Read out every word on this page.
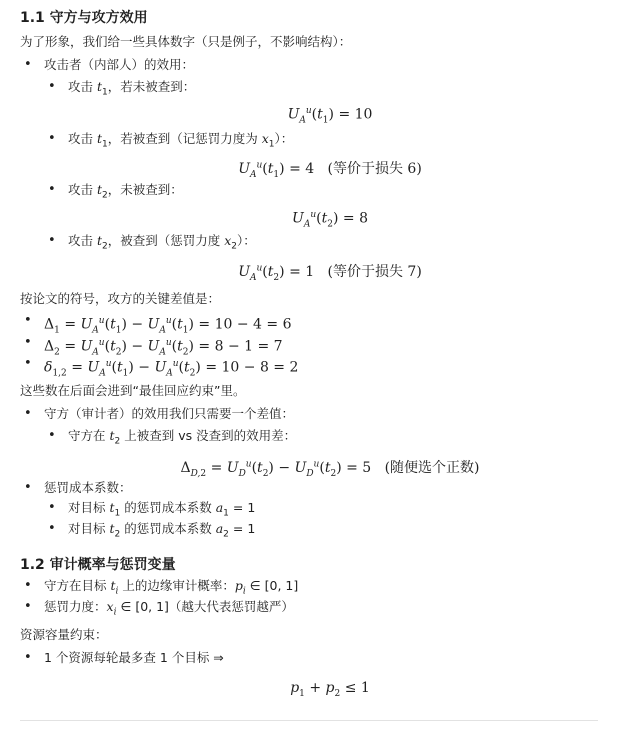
1.1 守方与攻方效用
为了形象，我们给一些具体数字（只是例子，不影响结构）：
• 攻击者（内部人）的效用：
• 攻击 $t_1$，若未被查到：
$U_A^u(t_1) = 10$
• 攻击 $t_1$，若被查到（记惩罚力度为 $x_1$）：
$U_A^u(t_1) = 4$ (等价于损失 6)
• 攻击 $t_2$，未被查到：
$U_A^u(t_2) = 8$
• 攻击 $t_2$，被查到（惩罚力度 $x_2$）：
$U_A^u(t_2) = 1$ (等价于损失 7)
按论文的符号，攻方的关键差值是：
• $\Delta_1 = U_A^u(t_1) - U_A^u(t_1) = 10 - 4 = 6$
• $\Delta_2 = U_A^u(t_2) - U_A^u(t_2) = 8 - 1 = 7$
• $\delta_{1,2} = U_A^u(t_1) - U_A^u(t_2) = 10 - 8 = 2$
这些数在后面会进到“最佳回应约束”里。
• 守方（审计者）的效用我们只需要一个差值：
• 守方在 $t_2$ 上被查到 vs 没查到的效用差：
$\Delta_{D,2} = U_D^u(t_2) - U_D^u(t_2) = 5$ (随便选个正数)
• 惩罚成本系数：
• 对目标 $t_1$ 的惩罚成本系数 $a_1 = 1$
• 对目标 $t_2$ 的惩罚成本系数 $a_2 = 1$
1.2 审计概率与惩罚变量
• 守方在目标 $t_i$ 上的边缘审计概率：$p_i$ ∈ [0, 1]
• 惩罚力度：$x_i$ ∈ [0, 1]（越大代表惩罚越严）
资源容量约束：
• 1 个资源每轮最多查 1 个目标 ⇒
$p_1 + p_2 \le 1$
